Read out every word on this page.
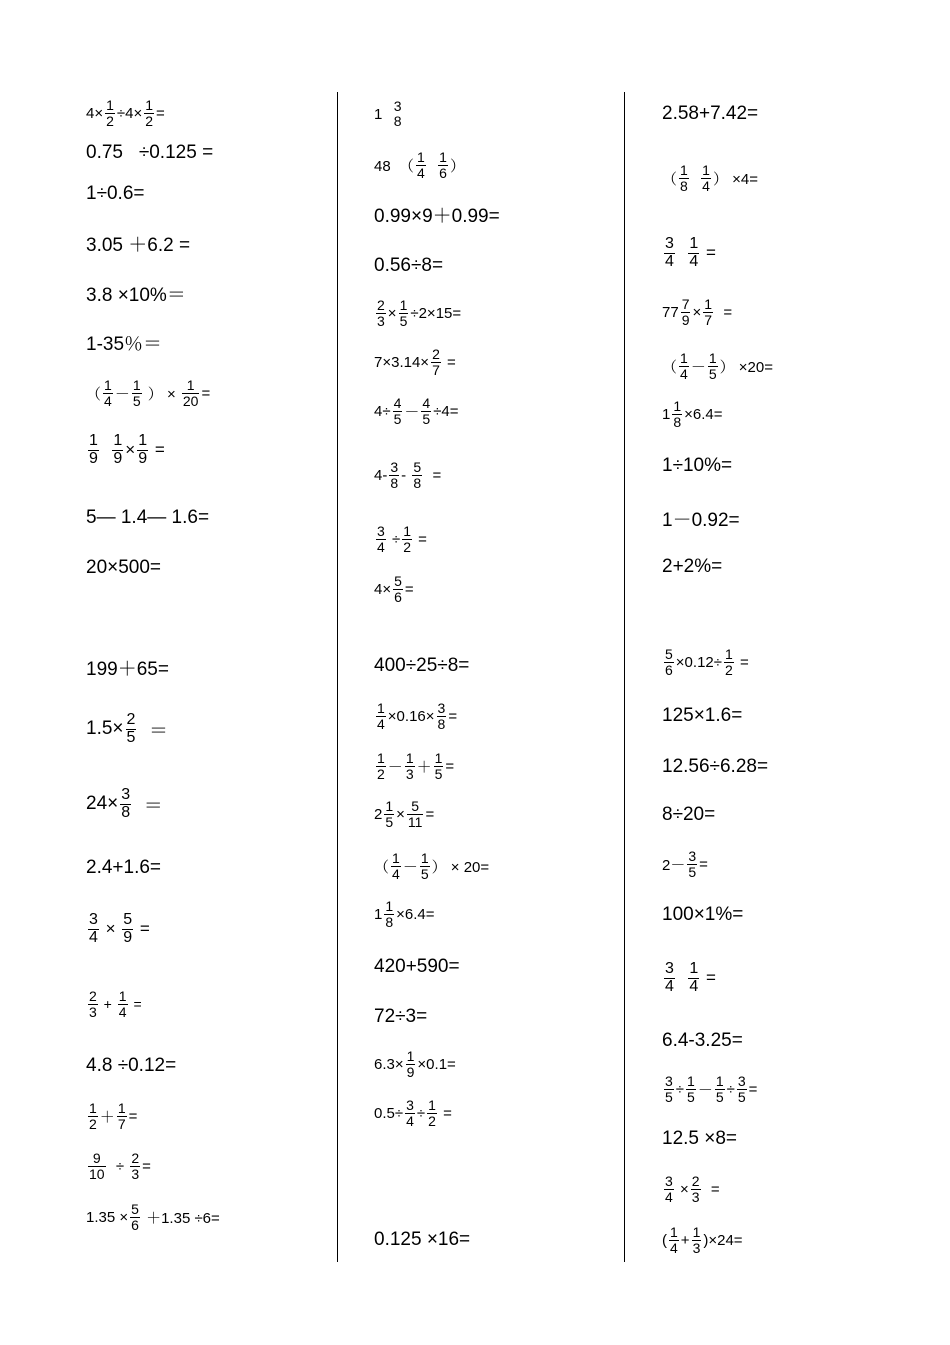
$4\times \frac{1}{2} \div 4\times \frac{1}{2}$ =
0.75   ÷0.125 =
1÷0.6=
3.05 ＋6.2 =
3.8 ×10%＝
1-35％＝
（ $\frac{1}{4} - \frac{1}{5}$ ） × $\frac{1}{20}$ =
$\frac{1}{9}$
$\frac{1}{9} \times \frac{1}{9}$ =
5— 1.4— 1.6=
20×500=
199＋65=
$1.5\times \frac{2}{5}$ ＝
$24\times \frac{3}{8}$ ＝
2.4+1.6=
$\frac{3}{4} \times \frac{5}{9}$ =
$\frac{2}{3} + \frac{1}{4}$ =
4.8 ÷0.12=
$\frac{1}{2} + \frac{1}{7}$ =
$\frac{9}{10} \div \frac{2}{3}$ =
$1.35 \times \frac{5}{6} +1.35 \div 6=$
1 3
8
48  （ $\frac{1}{4}$
$\frac{1}{6}$ ）
0.99×9＋0.99=
0.56÷8=
$\frac{2}{3} \times \frac{1}{5} \div 2\times 15=$
$7\times 3.14\times \frac{2}{7}$ =
$4\div \frac{4}{5} - \frac{4}{5} \div 4=$
$4- \frac{3}{8} - \frac{5}{8}$ =
$\frac{3}{4} \div \frac{1}{2}$ =
$4\times \frac{5}{6}$ =
400÷25÷8=
$\frac{1}{4} \times 0.16\times \frac{3}{8}$ =
$\frac{1}{2} - \frac{1}{3} + \frac{1}{5}$ =
$2 \frac{1}{5} \times \frac{5}{11}$ =
（ $\frac{1}{4} - \frac{1}{5}$ ） × 20=
$1 \frac{1}{8} \times 6.4=$
420+590=
72÷3=
$6.3\times \frac{1}{9} \times 0.1=$
$0.5\div \frac{3}{4} \div \frac{1}{2}$ =
0.125 ×16=
2.58+7.42=
（ $\frac{1}{8}$
$\frac{1}{4}$ ） ×4=
$\frac{3}{4}$
$\frac{1}{4}$ =
$77 \frac{7}{9} \times \frac{1}{7}$ =
（ $\frac{1}{4} - \frac{1}{5}$ ） ×20=
$1 \frac{1}{8} \times 6.4=$
1÷10%=
1－0.92=
2+2%=
$\frac{5}{6} \times 0.12\div \frac{1}{2}$ =
125×1.6=
12.56÷6.28=
8÷20=
$2- \frac{3}{5}$ =
100×1%=
$\frac{3}{4}$
$\frac{1}{4}$ =
6.4-3.25=
$\frac{3}{5} \div \frac{1}{5} - \frac{1}{5} \div \frac{3}{5}$ =
12.5 ×8=
$\frac{3}{4} \times \frac{2}{3}$ =
( $\frac{1}{4} + \frac{1}{3} )\times 24=$
